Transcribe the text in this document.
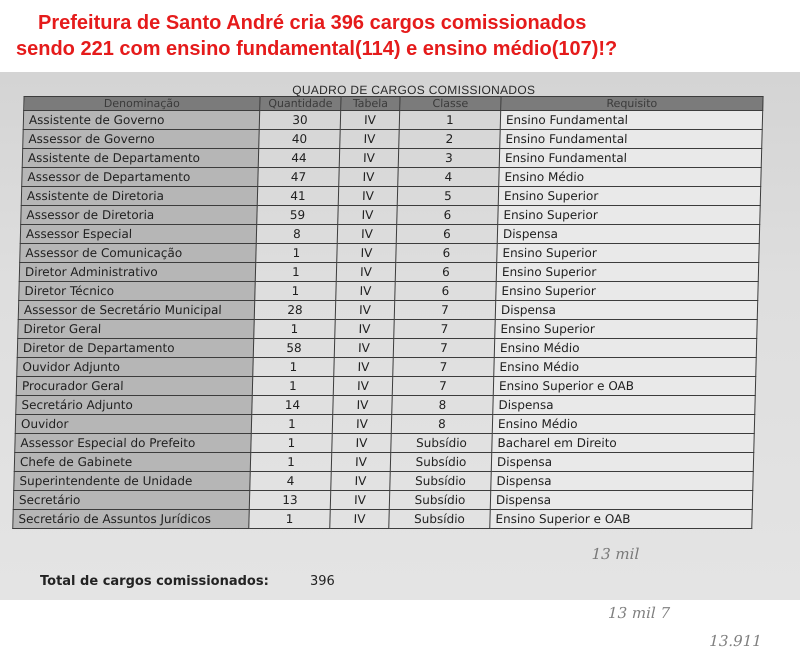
Prefeitura de Santo André cria 396 cargos comissionados
sendo 221 com ensino fundamental(114) e ensino médio(107)!?
QUADRO DE CARGOS COMISSIONADOS
Denominação	Quantidade	Tabela	Classe	Requisito
Assistente de Governo	30	IV	1	Ensino Fundamental
Assessor de Governo	40	IV	2	Ensino Fundamental
Assistente de Departamento	44	IV	3	Ensino Fundamental
Assessor de Departamento	47	IV	4	Ensino Médio
Assistente de Diretoria	41	IV	5	Ensino Superior
Assessor de Diretoria	59	IV	6	Ensino Superior
Assessor Especial	8	IV	6	Dispensa
Assessor de Comunicação	1	IV	6	Ensino Superior
Diretor Administrativo	1	IV	6	Ensino Superior
Diretor Técnico	1	IV	6	Ensino Superior
Assessor de Secretário Municipal	28	IV	7	Dispensa
Diretor Geral	1	IV	7	Ensino Superior
Diretor de Departamento	58	IV	7	Ensino Médio
Ouvidor Adjunto	1	IV	7	Ensino Médio
Procurador Geral	1	IV	7	Ensino Superior e OAB
Secretário Adjunto	14	IV	8	Dispensa
Ouvidor	1	IV	8	Ensino Médio
Assessor Especial do Prefeito	1	IV	Subsídio	Bacharel em Direito
Chefe de Gabinete	1	IV	Subsídio	Dispensa
Superintendente de Unidade	4	IV	Subsídio	Dispensa
Secretário	13	IV	Subsídio	Dispensa
Secretário de Assuntos Jurídicos	1	IV	Subsídio	Ensino Superior e OAB
13 mil
13 mil 7
13.911
Total de cargos comissionados:	396
